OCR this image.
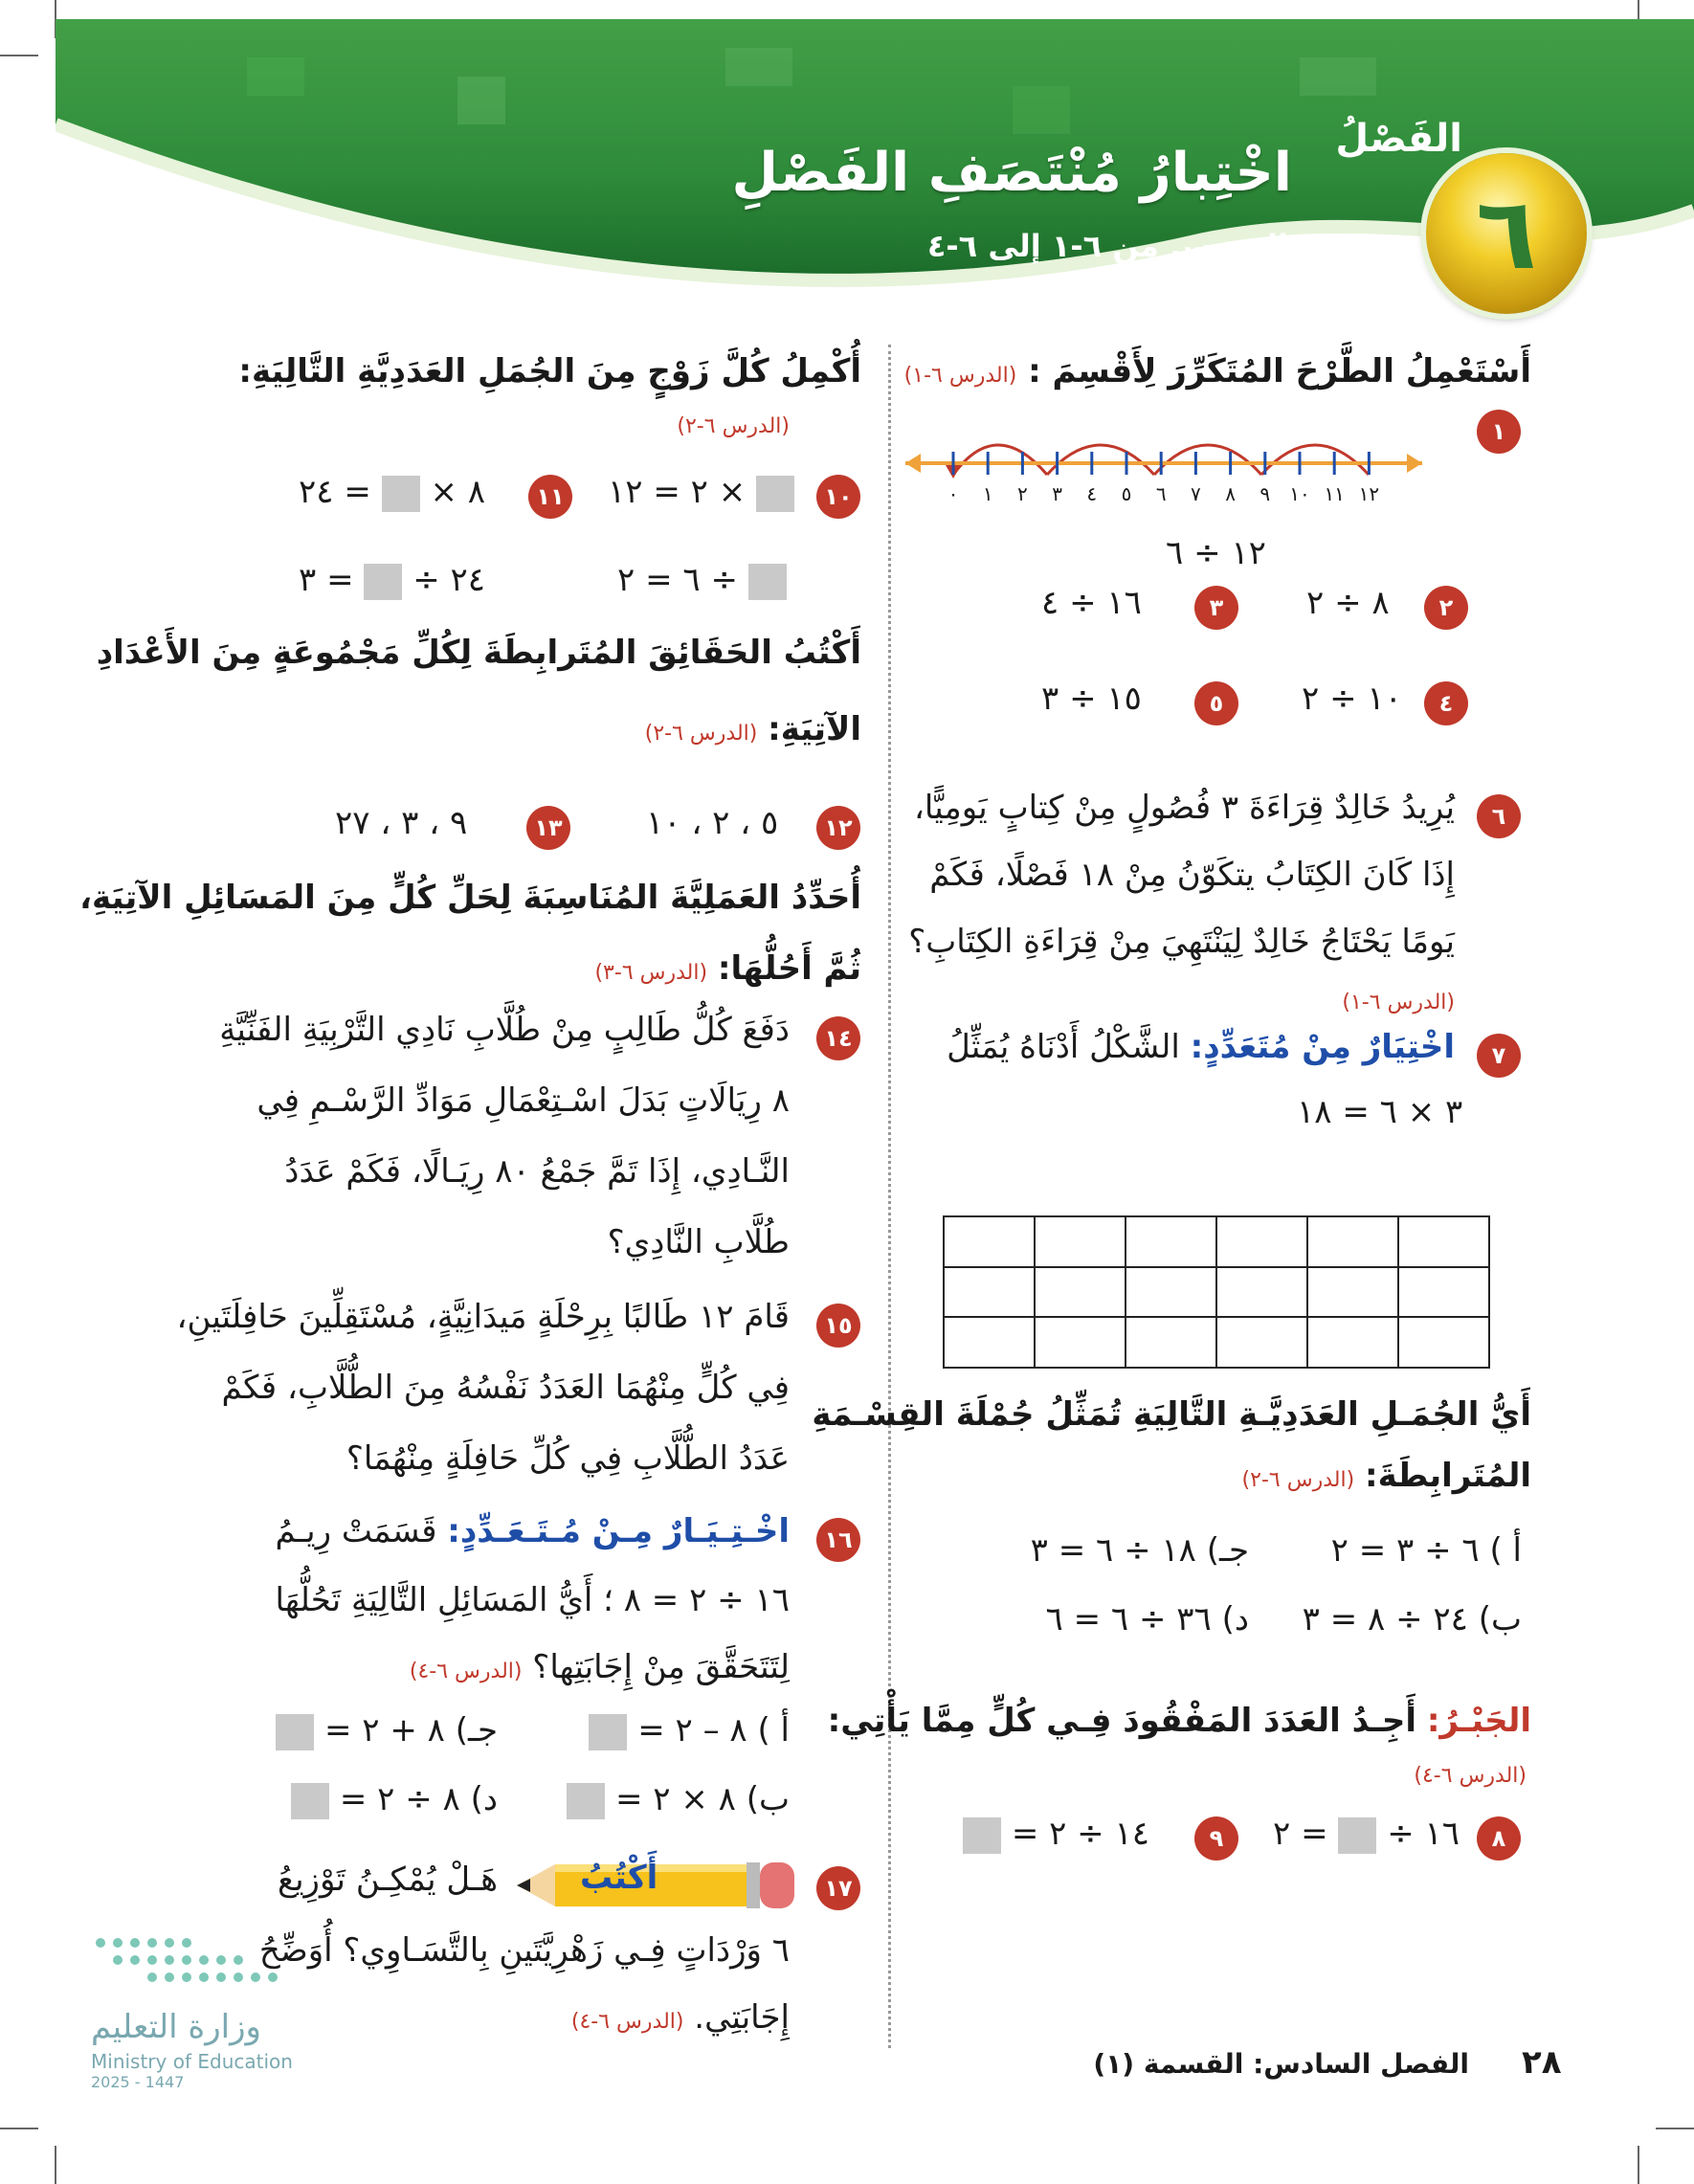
الفَصْلُ
٦
اخْتِبارُ مُنْتَصَفِ الفَصْلِ
الدروس من ٦-١ إلى ٦-٤
أَسْتَعْمِلُ الطَّرْحَ المُتَكَرِّرَ لِأَقْسِمَ : (الدرس ٦-١)
١
٠	١	٢	٣	٤	٥	٦	٧	٨	٩	١٠ ١١ ١٢
١٢ ÷ ٦
٢
٨ ÷ ٢
٣
١٦ ÷ ٤
٤
١٠ ÷ ٢
٥
١٥ ÷ ٣
٦
يُرِيدُ خَالِدٌ قِرَاءَةَ ٣ فُصُولٍ مِنْ كِتابٍ يَومِيًّا،
إِذَا كَانَ الكِتَابُ يتكَوّنُ مِنْ ١٨ فَصْلًا، فَكَمْ
يَومًا يَحْتَاجُ خَالِدٌ لِيَنْتَهِيَ مِنْ قِرَاءَةِ الكِتَابِ؟
(الدرس ٦-١)
٧
اخْتِيَارٌ مِنْ مُتَعَدِّدٍ: الشَّكْلُ أَدْنَاهُ يُمَثِّلُ
٣ × ٦ = ١٨

أَيُّ الجُمَـلِ العَدَدِيَّـةِ التَّالِيَةِ تُمَثِّلُ جُمْلَةَ القِسْـمَةِ
المُتَرابِطَةَ: (الدرس ٦-٢)
أ ) ٦ ÷ ٣ = ٢
جـ) ١٨ ÷ ٦ = ٣
ب) ٢٤ ÷ ٨ = ٣
د) ٣٦ ÷ ٦ = ٦
الجَبْـرُ: أَجِـدُ العَدَدَ المَفْقُودَ فِـي كُلٍّ مِمَّا يَأْتِي:
(الدرس ٦-٤)
٨
١٦ ÷  = ٢
٩
١٤ ÷ ٢ =
أُكْمِلُ كُلَّ زَوْجٍ مِنَ الجُمَلِ العَدَدِيَّةِ التَّالِيَةِ:
(الدرس ٦-٢)
١٠
× ٢ = ١٢
÷ ٦ = ٢
١١
٨ ×  = ٢٤
٢٤ ÷  = ٣
أَكْتُبُ الحَقَائِقَ المُتَرابِطَةَ لِكُلِّ مَجْمُوعَةٍ مِنَ الأَعْدَادِ
الآتِيَةِ: (الدرس ٦-٢)
١٢
٥ ، ٢ ، ١٠
١٣
٩ ، ٣ ، ٢٧
أُحَدِّدُ العَمَلِيَّةَ المُنَاسِبَةَ لِحَلِّ كُلٍّ مِنَ المَسَائِلِ الآتِيَةِ،
ثُمَّ أَحُلُّهَا: (الدرس ٦-٣)
١٤
دَفَعَ كُلُّ طَالِبٍ مِنْ طُلَّابِ نَادِي التَّرْبِيَةِ الفَنِّيَّةِ
٨ رِيَالَاتٍ بَدَلَ اسْـتِعْمَالِ مَوَادِّ الرَّسْـمِ فِي
النَّـادِي، إِذَا تَمَّ جَمْعُ ٨٠ رِيَـالًا، فَكَمْ عَدَدُ
طُلَّابِ النَّادِي؟
١٥
قَامَ ١٢ طَالبًا بِرِحْلَةٍ مَيدَانِيَّةٍ، مُسْتَقِلِّينَ حَافِلَتَينِ،
فِي كُلٍّ مِنْهُمَا العَدَدُ نَفْسُهُ مِنَ الطُّلَّابِ، فَكَمْ
عَدَدُ الطُّلَّابِ فِي كُلِّ حَافِلَةٍ مِنْهُمَا؟
١٦
اخْـتِـيَـارٌ مِـنْ مُـتَـعَـدِّدٍ: قَسَمَتْ رِيـمُ
١٦ ÷ ٢ = ٨ ؛ أَيُّ المَسَائِلِ التَّالِيَةِ تَحُلُّهَا
لِتَتَحَقَّقَ مِنْ إِجَابَتِها؟ (الدرس ٦-٤)
أ ) ٨ – ٢ =
جـ) ٨ + ٢ =
ب) ٨ × ٢ =
د) ٨ ÷ ٢ =
١٧
أَكْتُبُ
هَـلْ يُمْكِـنُ تَوْزِيعُ
٦ وَرْدَاتٍ فِـي زَهْرِيَّتَينِ بِالتَّسَـاوِي؟ أُوَضِّحُ
إِجَابَتِي. (الدرس ٦-٤)
وزارة التعليم
Ministry of Education
2025 - 1447
٢٨
الفصل السادس: القسمة (١)
